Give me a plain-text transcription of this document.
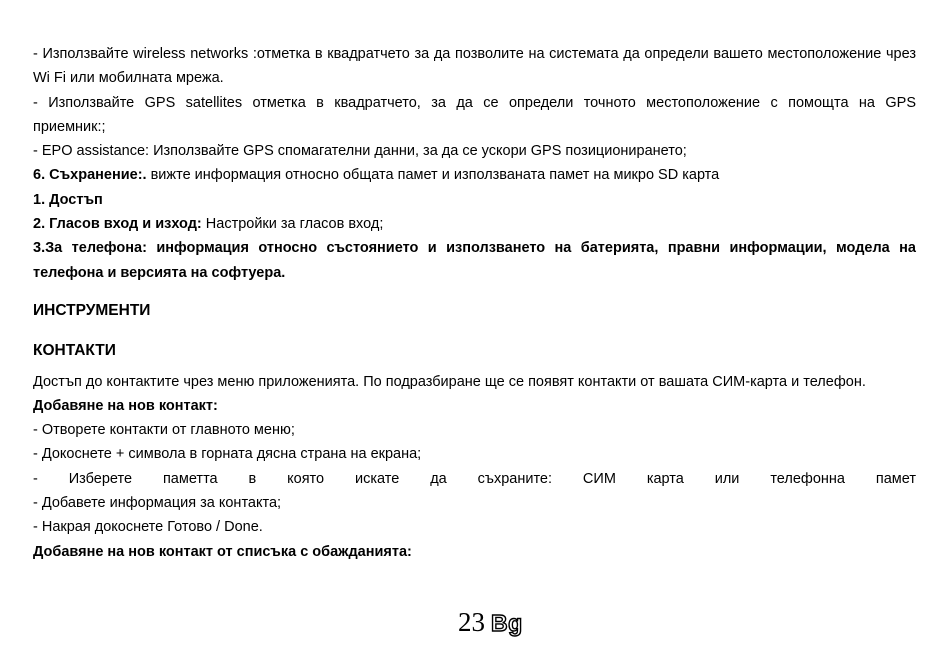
- Използвайте wireless networks :отметка в квадратчето за да позволите на системата да определи вашето местоположение чрез Wi Fi или мобилната мрежа.
- Използвайте GPS satellites отметка в квадратчето, за да се определи точното местоположение с помощта на GPS
приемник:;
- EPO assistance: Използвайте GPS спомагателни данни, за да се ускори GPS позиционирането;
6. Съхранение:. вижте информация относно общата памет и използваната памет на микро SD карта
1. Достъп
2. Гласов вход и изход: Настройки за гласов вход;
3.За телефона: информация относно състоянието и използването на батерията, правни информации, модела на телефона и версията на софтуера.
ИНСТРУМЕНТИ
КОНТАКТИ
Достъп до контактите чрез меню приложенията. По подразбиране ще се появят контакти от вашата СИМ-карта и телефон.
Добавяне на нов контакт:
- Отворете контакти от главното меню;
- Докоснете + символа в горната дясна страна на екрана;
- Изберете паметта в която искате да съхраните: СИМ карта или телефонна памет
- Добавете информация за контакта;
- Накрая докоснете Готово / Done.
Добавяне на нов контакт от списъка с обажданията:
23 Bg
